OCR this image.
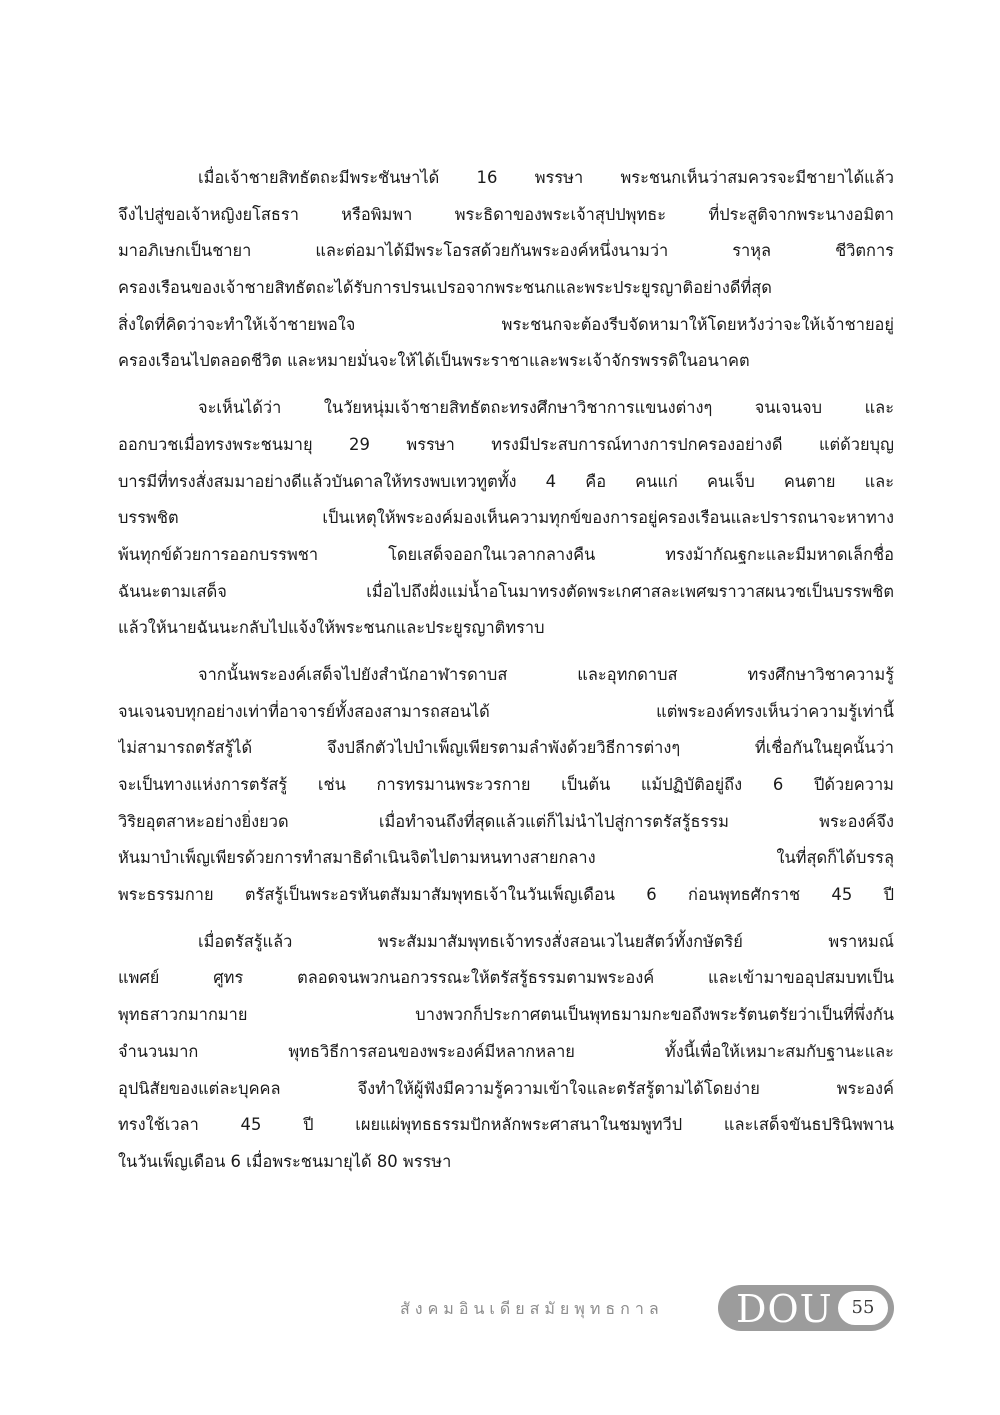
เมื่อเจ้าชายสิทธัตถะมีพระชันษาได้ 16 พรรษา พระชนกเห็นว่าสมควรจะมีชายาได้แล้ว
จึงไปสู่ขอเจ้าหญิงยโสธรา หรือพิมพา พระธิดาของพระเจ้าสุปปพุทธะ ที่ประสูติจากพระนางอมิตา
มาอภิเษกเป็นชายา และต่อมาได้มีพระโอรสด้วยกันพระองค์หนึ่งนามว่า ราหุล ชีวิตการ
ครองเรือนของเจ้าชายสิทธัตถะได้รับการปรนเปรอจากพระชนกและพระประยูรญาติอย่างดีที่สุด
สิ่งใดที่คิดว่าจะทำให้เจ้าชายพอใจ พระชนกจะต้องรีบจัดหามาให้โดยหวังว่าจะให้เจ้าชายอยู่
ครองเรือนไปตลอดชีวิต และหมายมั่นจะให้ได้เป็นพระราชาและพระเจ้าจักรพรรดิในอนาคต
จะเห็นได้ว่า ในวัยหนุ่มเจ้าชายสิทธัตถะทรงศึกษาวิชาการแขนงต่างๆ จนเจนจบ และ
ออกบวชเมื่อทรงพระชนมายุ 29 พรรษา ทรงมีประสบการณ์ทางการปกครองอย่างดี แต่ด้วยบุญ
บารมีที่ทรงสั่งสมมาอย่างดีแล้วบันดาลให้ทรงพบเทวทูตทั้ง 4 คือ คนแก่ คนเจ็บ คนตาย และ
บรรพชิต เป็นเหตุให้พระองค์มองเห็นความทุกข์ของการอยู่ครองเรือนและปรารถนาจะหาทาง
พ้นทุกข์ด้วยการออกบรรพชา โดยเสด็จออกในเวลากลางคืน ทรงม้ากัณฐกะและมีมหาดเล็กชื่อ
ฉันนะตามเสด็จ เมื่อไปถึงฝั่งแม่น้ำอโนมาทรงตัดพระเกศาสละเพศฆราวาสผนวชเป็นบรรพชิต
แล้วให้นายฉันนะกลับไปแจ้งให้พระชนกและประยูรญาติทราบ
จากนั้นพระองค์เสด็จไปยังสำนักอาฬารดาบส และอุทกดาบส ทรงศึกษาวิชาความรู้
จนเจนจบทุกอย่างเท่าที่อาจารย์ทั้งสองสามารถสอนได้ แต่พระองค์ทรงเห็นว่าความรู้เท่านี้
ไม่สามารถตรัสรู้ได้ จึงปลีกตัวไปบำเพ็ญเพียรตามลำพังด้วยวิธีการต่างๆ ที่เชื่อกันในยุคนั้นว่า
จะเป็นทางแห่งการตรัสรู้ เช่น การทรมานพระวรกาย เป็นต้น แม้ปฏิบัติอยู่ถึง 6 ปีด้วยความ
วิริยอุตสาหะอย่างยิ่งยวด เมื่อทำจนถึงที่สุดแล้วแต่ก็ไม่นำไปสู่การตรัสรู้ธรรม พระองค์จึง
หันมาบำเพ็ญเพียรด้วยการทำสมาธิดำเนินจิตไปตามหนทางสายกลาง ในที่สุดก็ได้บรรลุ
พระธรรมกาย ตรัสรู้เป็นพระอรหันตสัมมาสัมพุทธเจ้าในวันเพ็ญเดือน 6 ก่อนพุทธศักราช 45 ปี
เมื่อตรัสรู้แล้ว พระสัมมาสัมพุทธเจ้าทรงสั่งสอนเวไนยสัตว์ทั้งกษัตริย์ พราหมณ์
แพศย์ ศูทร ตลอดจนพวกนอกวรรณะให้ตรัสรู้ธรรมตามพระองค์ และเข้ามาขออุปสมบทเป็น
พุทธสาวกมากมาย บางพวกก็ประกาศตนเป็นพุทธมามกะขอถึงพระรัตนตรัยว่าเป็นที่พึ่งกัน
จำนวนมาก พุทธวิธีการสอนของพระองค์มีหลากหลาย ทั้งนี้เพื่อให้เหมาะสมกับฐานะและ
อุปนิสัยของแต่ละบุคคล จึงทำให้ผู้ฟังมีความรู้ความเข้าใจและตรัสรู้ตามได้โดยง่าย พระองค์
ทรงใช้เวลา 45 ปี เผยแผ่พุทธธรรมปักหลักพระศาสนาในชมพูทวีป และเสด็จขันธปรินิพพาน
ในวันเพ็ญเดือน 6 เมื่อพระชนมายุได้ 80 พรรษา
สังคมอินเดียสมัยพุทธกาล DOU	55
